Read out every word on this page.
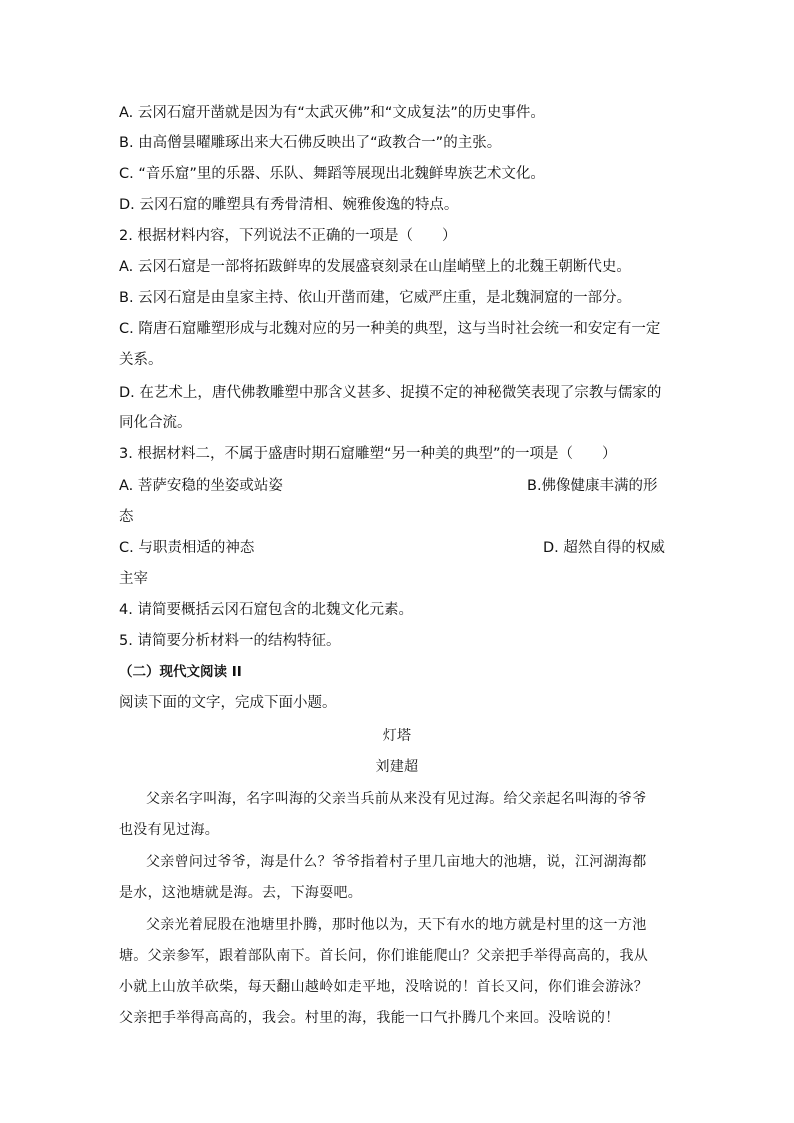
A. 云冈石窟开凿就是因为有“太武灭佛”和“文成复法”的历史事件。
B. 由高僧昙曜雕琢出来大石佛反映出了“政教合一”的主张。
C. “音乐窟”里的乐器、乐队、舞蹈等展现出北魏鲜卑族艺术文化。
D. 云冈石窟的雕塑具有秀骨清相、婉雅俊逸的特点。
2. 根据材料内容，下列说法不正确的一项是（　　）
A. 云冈石窟是一部将拓跋鲜卑的发展盛衰刻录在山崖峭壁上的北魏王朝断代史。
B. 云冈石窟是由皇家主持、依山开凿而建，它威严庄重，是北魏洞窟的一部分。
C. 隋唐石窟雕塑形成与北魏对应的另一种美的典型，这与当时社会统一和安定有一定
关系。
D. 在艺术上，唐代佛教雕塑中那含义甚多、捉摸不定的神秘微笑表现了宗教与儒家的
同化合流。
3. 根据材料二，不属于盛唐时期石窟雕塑“另一种美的典型”的一项是（　　）
A. 菩萨安稳的坐姿或站姿	B.佛像健康丰满的形
态
C. 与职责相适的神态	D. 超然自得的权威
主宰
4. 请简要概括云冈石窟包含的北魏文化元素。
5. 请简要分析材料一的结构特征。
（二）现代文阅读 II
阅读下面的文字，完成下面小题。
灯塔
刘建超
父亲名字叫海，名字叫海的父亲当兵前从来没有见过海。给父亲起名叫海的爷爷
也没有见过海。
父亲曾问过爷爷，海是什么？爷爷指着村子里几亩地大的池塘，说，江河湖海都
是水，这池塘就是海。去，下海耍吧。
父亲光着屁股在池塘里扑腾，那时他以为，天下有水的地方就是村里的这一方池
塘。父亲参军，跟着部队南下。首长问，你们谁能爬山？父亲把手举得高高的，我从
小就上山放羊砍柴，每天翻山越岭如走平地，没啥说的！首长又问，你们谁会游泳？
父亲把手举得高高的，我会。村里的海，我能一口气扑腾几个来回。没啥说的！
